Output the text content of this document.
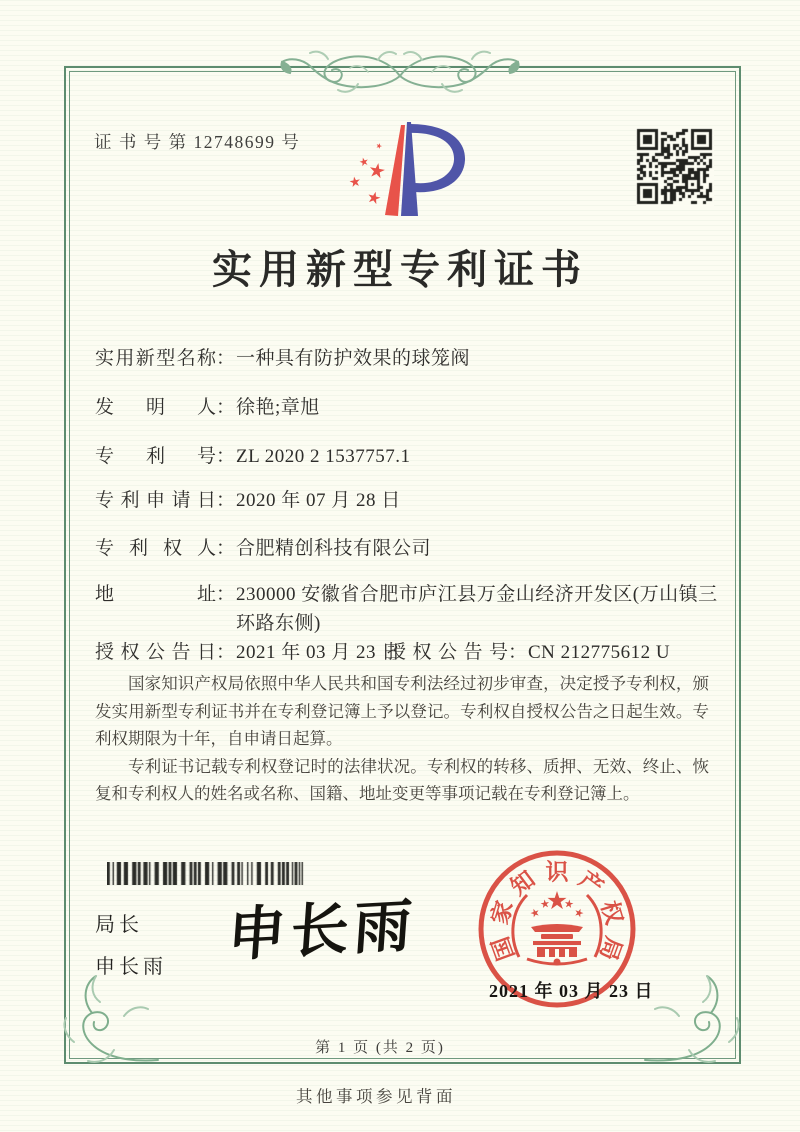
证 书 号 第 12748699 号
实用新型专利证书
实用新型名称 ： 一种具有防护效果的球笼阀
发明人 ： 徐艳;章旭
专利号 ： ZL 2020 2 1537757.1
专利申请日 ： 2020 年 07 月 28 日
专利权人 ： 合肥精创科技有限公司
地址 ： 230000 安徽省合肥市庐江县万金山经济开发区(万山镇三环路东侧)
授权公告日 ： 2021 年 03 月 23 日
授权公告号 ： CN 212775612 U

国家知识产权局依照中华人民共和国专利法经过初步审查，决定授予专利权，颁发实用新型专利证书并在专利登记簿上予以登记。专利权自授权公告之日起生效。专利权期限为十年，自申请日起算。

专利证书记载专利权登记时的法律状况。专利权的转移、质押、无效、终止、恢复和专利权人的姓名或名称、国籍、地址变更等事项记载在专利登记簿上。

局长
申长雨 申长雨	国
家
知 识 产
权
局
2021 年 03 月 23 日
第 1 页 (共 2 页)
其他事项参见背面
